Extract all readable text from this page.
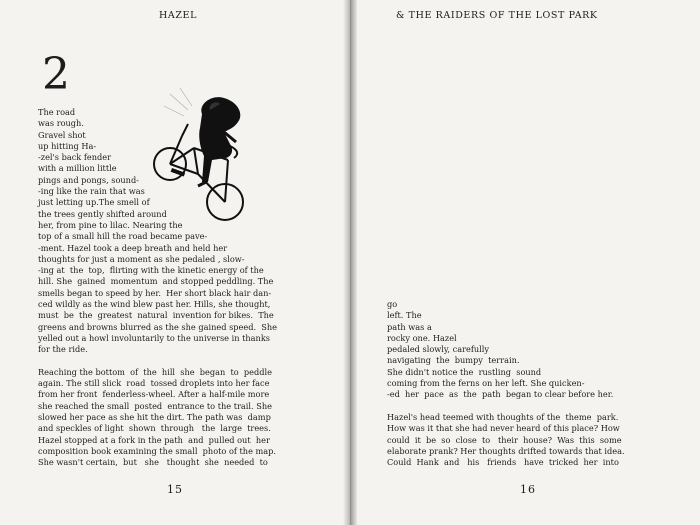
HAZEL
2
The road
was rough.
Gravel shot
up hitting Ha-
-zel's back fender
with a million little
pings and pongs, sound-
-ing like the rain that was
just letting up.The smell of
the trees gently shifted around
her, from pine to lilac. Nearing the
top of a small hill the road became pave-
-ment. Hazel took a deep breath and held her
thoughts for just a moment as she pedaled , slow-
-ing at  the  top,  flirting with the kinetic energy of the
hill. She  gained  momentum  and stopped peddling. The
smells began to speed by her.  Her short black hair dan-
ced wildly as the wind blew past her. Hills, she thought,
must  be  the  greatest  natural  invention for bikes.  The
greens and browns blurred as the she gained speed.  She
yelled out a howl involuntarily to the universe in thanks
for the ride.
Reaching the bottom  of  the  hill  she  began  to  peddle
again. The still slick  road  tossed droplets into her face
from her front  fenderless-wheel. After a half-mile more
she reached the small  posted  entrance to the trail. She
slowed her pace as she hit the dirt. The path was  damp
and speckles of light  shown  through   the  large  trees.
Hazel stopped at a fork in the path  and  pulled out  her
composition book examining the small  photo of the map.
She wasn't certain,  but   she   thought  she  needed  to
15
& THE RAIDERS OF THE LOST PARK
go
left. The
path was a
rocky one. Hazel
pedaled slowly, carefully
navigating  the  bumpy  terrain.
She didn't notice the  rustling  sound
coming from the ferns on her left. She quicken-
-ed  her  pace  as  the  path  began to clear before her.
Hazel's head teemed with thoughts of the  theme  park.
How was it that she had never heard of this place? How
could  it  be  so  close  to   their  house?  Was  this  some
elaborate prank? Her thoughts drifted towards that idea.
Could  Hank  and   his   friends   have  tricked  her  into
16
